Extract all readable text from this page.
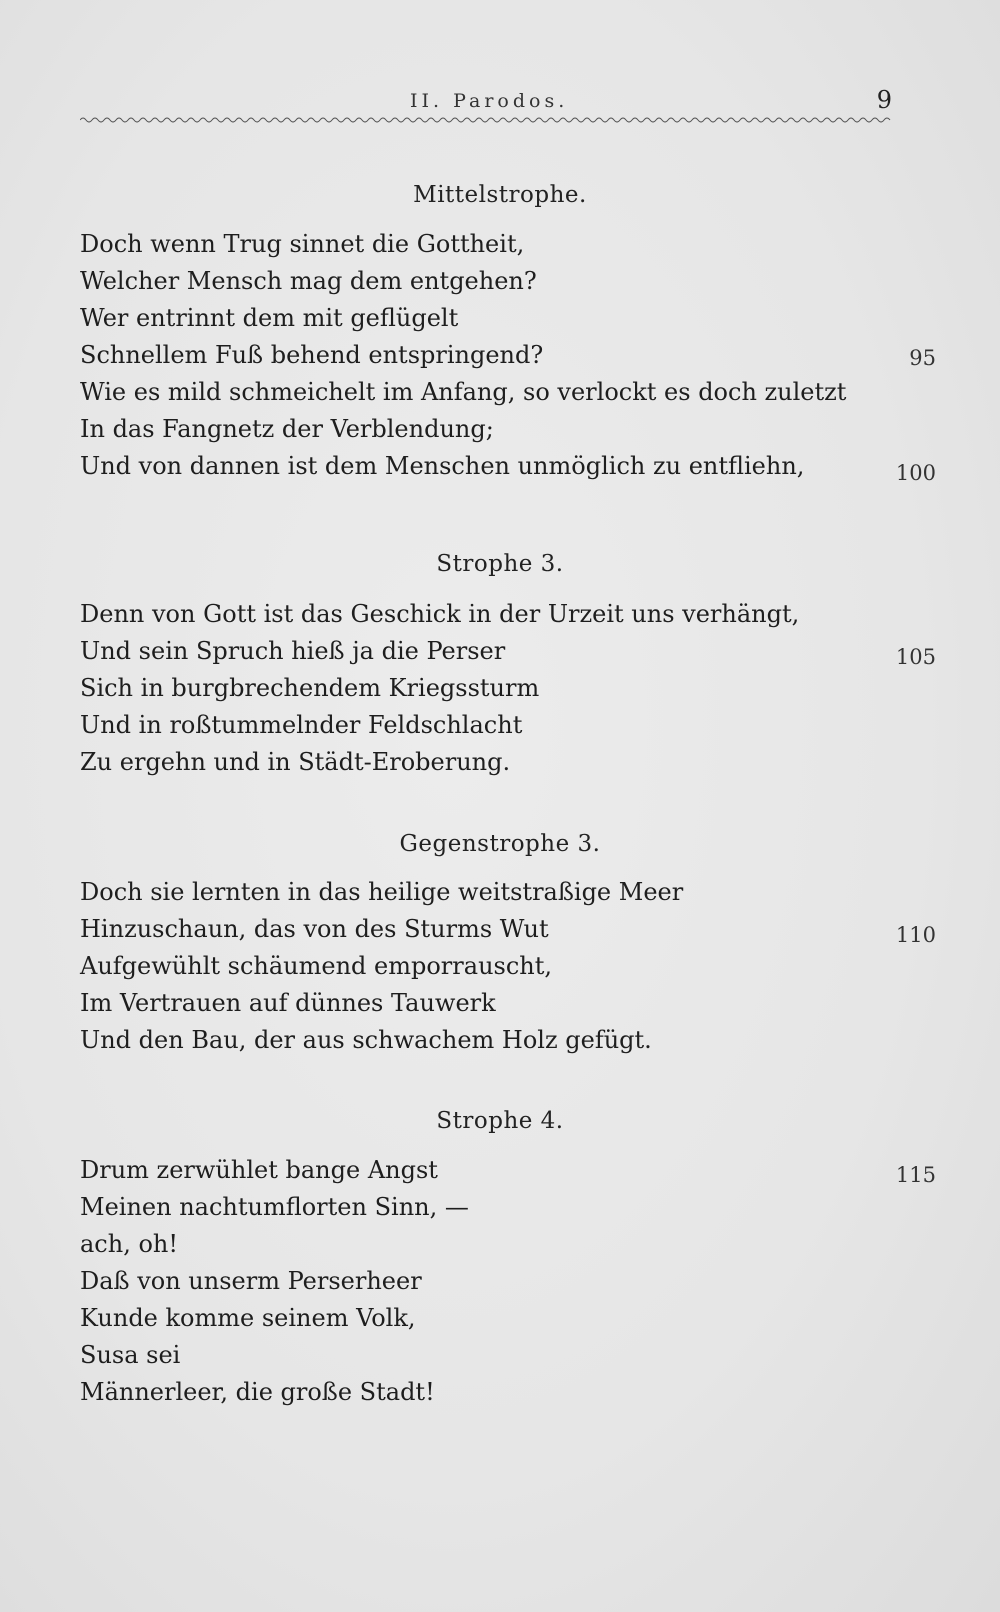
II. Parodos.	9
Mittelstrophe.
Doch wenn Trug sinnet die Gottheit,
Welcher Mensch mag dem entgehen?
Wer entrinnt dem mit geflügelt
Schnellem Fuß behend entspringend?	95
Wie es mild schmeichelt im Anfang, so verlockt es doch zuletzt
In das Fangnetz der Verblendung;
Und von dannen ist dem Menschen unmöglich zu entfliehn,	100
Strophe 3.
Denn von Gott ist das Geschick in der Urzeit uns verhängt,
Und sein Spruch hieß ja die Perser	105
Sich in burgbrechendem Kriegssturm
Und in roßtummelnder Feldschlacht
Zu ergehn und in Städt-Eroberung.
Gegenstrophe 3.
Doch sie lernten in das heilige weitstraßige Meer
Hinzuschaun, das von des Sturms Wut	110
Aufgewühlt schäumend emporrauscht,
Im Vertrauen auf dünnes Tauwerk
Und den Bau, der aus schwachem Holz gefügt.
Strophe 4.
Drum zerwühlet bange Angst	115
Meinen nachtumflorten Sinn, —
ach, oh!
Daß von unserm Perserheer
Kunde komme seinem Volk,
Susa sei
Männerleer, die große Stadt!
